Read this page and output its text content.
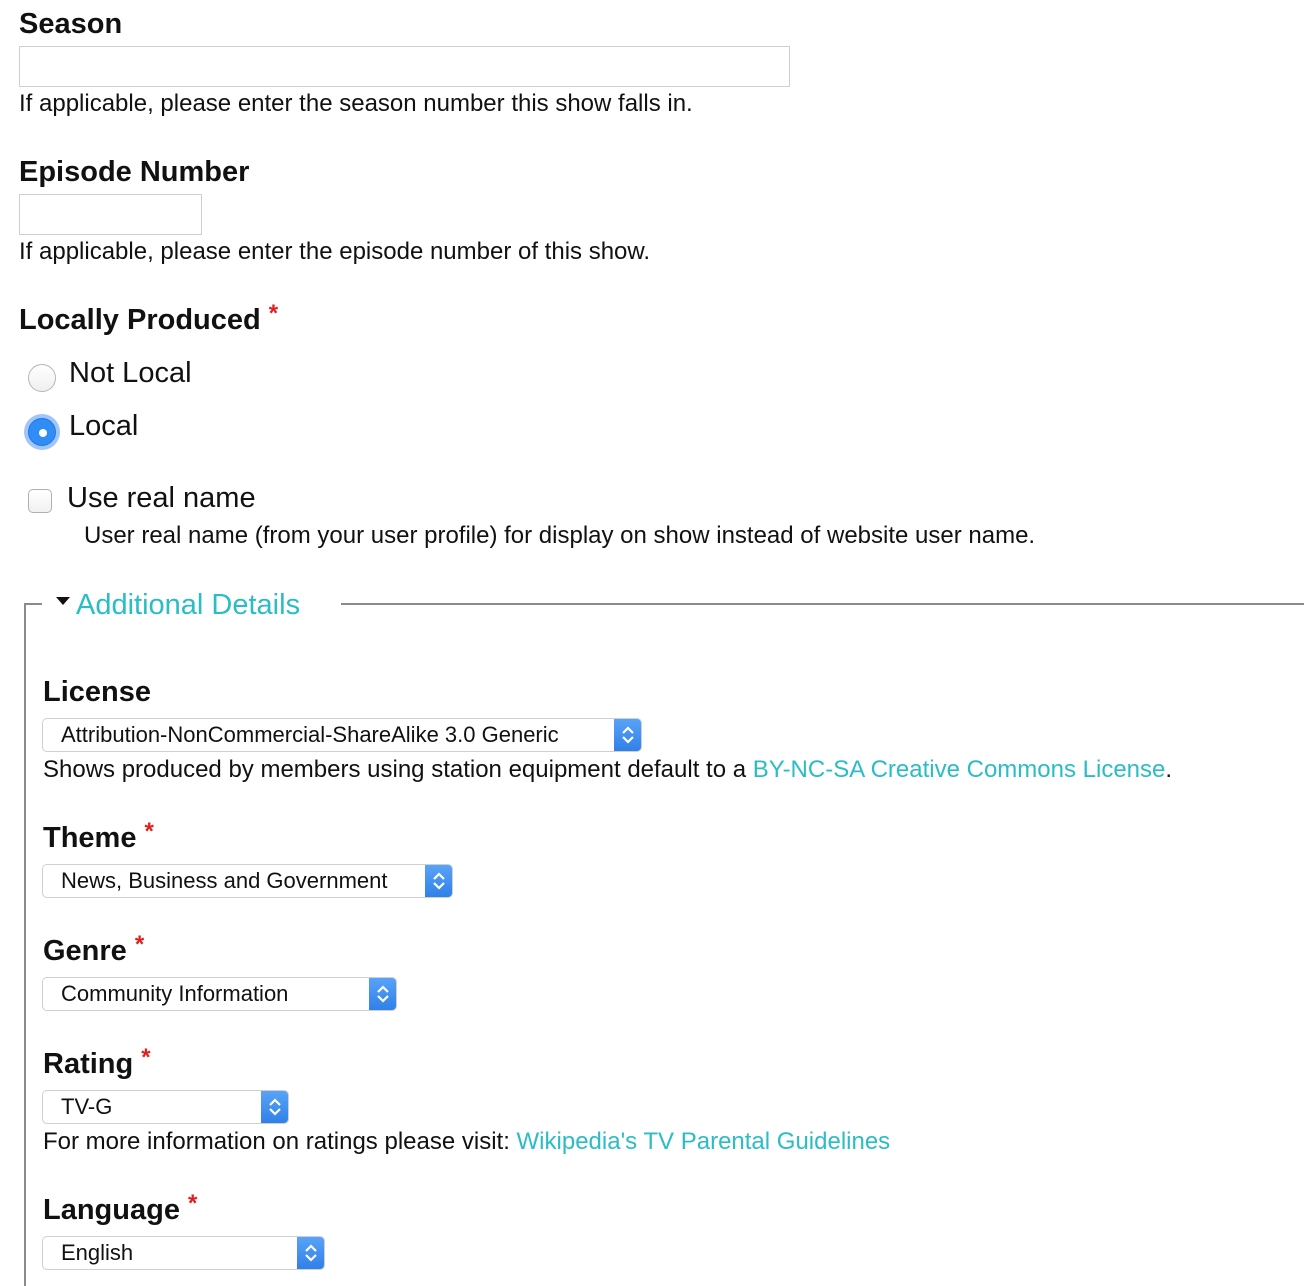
Season
If applicable, please enter the season number this show falls in.
Episode Number
If applicable, please enter the episode number of this show.
Locally Produced *
Not Local
Local
Use real name
User real name (from your user profile) for display on show instead of website user name.
Additional Details
License
Attribution-NonCommercial-ShareAlike 3.0 Generic
Shows produced by members using station equipment default to a BY-NC-SA Creative Commons License.
Theme *
News, Business and Government
Genre *
Community Information
Rating *
TV-G
For more information on ratings please visit: Wikipedia's TV Parental Guidelines
Language *
English
